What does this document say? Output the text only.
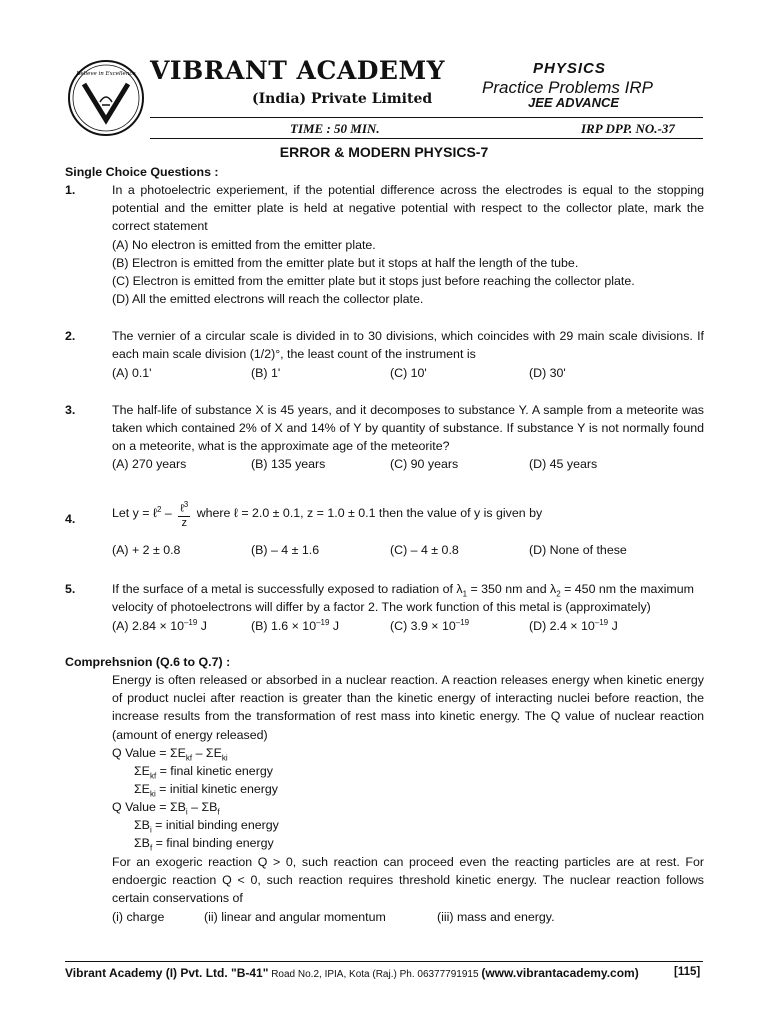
Believe in Excellence VIBRANT ACADEMY
(India) Private Limited
PHYSICS
Practice Problems IRP
JEE ADVANCE
TIME : 50 MIN.	IRP DPP. NO.-37
ERROR & MODERN PHYSICS-7
Single Choice Questions :
1.	In a photoelectric experiement, if the potential difference across the electrodes is equal to the stopping potential and the emitter plate is held at negative potential with respect to the collector plate, mark the correct statement
(A) No electron is emitted from the emitter plate.
(B) Electron is emitted from the emitter plate but it stops at half the length of the tube.
(C) Electron is emitted from the emitter plate but it stops just before reaching the collector plate.
(D) All the emitted electrons will reach the collector plate.
2.	The vernier of a circular scale is divided in to 30 divisions, which coincides with 29 main scale divisions. If each main scale division (1/2)°, the least count of the instrument is
(A) 0.1'	(B) 1'	(C) 10'	(D) 30'
3.	The half-life of substance X is 45 years, and it decomposes to substance Y. A sample from a meteorite was taken which contained 2% of X and 14% of Y by quantity of substance. If substance Y is not normally found on a meteorite, what is the approximate age of the meteorite?
(A) 270 years	(B) 135 years	(C) 90 years	(D) 45 years
4.	Let y = ℓ$^2$ – $\frac{\ell^3}{z}$ where ℓ = 2.0 ± 0.1, z = 1.0 ± 0.1 then the value of y is given by
(A) + 2 ± 0.8	(B) – 4 ± 1.6	(C) – 4 ± 0.8	(D) None of these
5.	If the surface of a metal is successfully exposed to radiation of $\lambda_1 = 350$ nm and $\lambda_2 = 450$ nm the maximum
velocity of photoelectrons will differ by a factor 2. The work function of this metal is (approximately)
(A) $2.84 \times 10^{-19}$ J	(B) $1.6 \times 10^{-19}$ J	(C) $3.9 \times 10^{-19}$	(D) $2.4 \times 10^{-19}$ J
Comprehsnion (Q.6 to Q.7) :
Energy is often released or absorbed in a nuclear reaction. A reaction releases energy when kinetic energy of product nuclei after reaction is greater than the kinetic energy of interacting nuclei before reaction, the increase results from the transformation of rest mass into kinetic energy. The Q value of nuclear reaction (amount of energy released)
Q Value = $\Sigma E_{kf} - \Sigma E_{ki}$
$\Sigma E_{kf}$ = final kinetic energy
$\Sigma E_{ki}$ = initial kinetic energy
Q Value = $\Sigma B_i - \Sigma B_f$
$\Sigma B_i$ = initial binding energy
$\Sigma B_f$ = final binding energy
For an exogeric reaction Q > 0, such reaction can proceed even the reacting particles are at rest. For endoergic reaction Q < 0, such reaction requires threshold kinetic energy. The nuclear reaction follows certain conservations of
(i) charge	(ii) linear and angular momentum	(iii) mass and energy.
Vibrant Academy (I) Pvt. Ltd. "B-41" Road No.2, IPIA, Kota (Raj.) Ph. 06377791915 (www.vibrantacademy.com)	[115]
